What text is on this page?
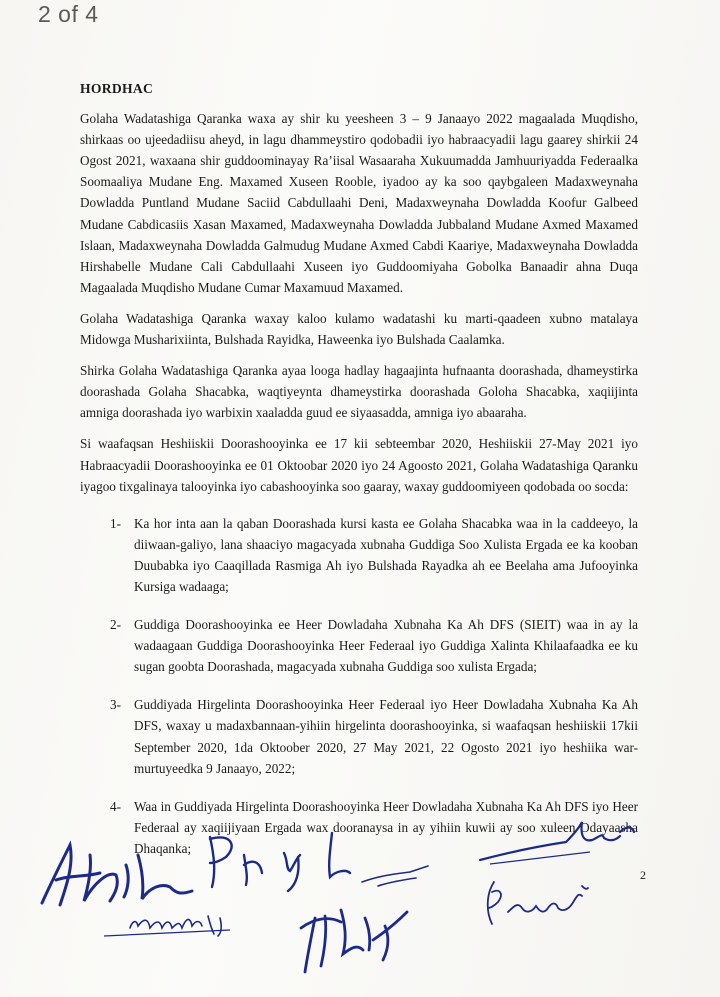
2 of 4
HORDHAC

Golaha Wadatashiga Qaranka waxa ay shir ku yeesheen 3 – 9 Janaayo 2022 magaalada Muqdisho, shirkaas oo ujeedadiisu aheyd, in lagu dhammeystiro qodobadii iyo habraacyadii lagu gaarey shirkii 24 Ogost 2021, waxaana shir guddoominayay Ra’iisal Wasaaraha Xukuumadda Jamhuuriyadda Federaalka Soomaaliya Mudane Eng. Maxamed Xuseen Rooble, iyadoo ay ka soo qaybgaleen Madaxweynaha Dowladda Puntland Mudane Saciid Cabdullaahi Deni, Madaxweynaha Dowladda Koofur Galbeed Mudane Cabdicasiis Xasan Maxamed, Madaxweynaha Dowladda Jubbaland Mudane Axmed Maxamed Islaan, Madaxweynaha Dowladda Galmudug Mudane Axmed Cabdi Kaariye, Madaxweynaha Dowladda Hirshabelle Mudane Cali Cabdullaahi Xuseen iyo Guddoomiyaha Gobolka Banaadir ahna Duqa Magaalada Muqdisho Mudane Cumar Maxamuud Maxamed.

Golaha Wadatashiga Qaranka waxay kaloo kulamo wadatashi ku marti-qaadeen xubno matalaya Midowga Musharixiinta, Bulshada Rayidka, Haweenka iyo Bulshada Caalamka.

Shirka Golaha Wadatashiga Qaranka ayaa looga hadlay hagaajinta hufnaanta doorashada, dhameystirka doorashada Golaha Shacabka, waqtiyeynta dhameystirka doorashada Goloha Shacabka, xaqiijinta amniga doorashada iyo warbixin xaaladda guud ee siyaasadda, amniga iyo abaaraha.

Si waafaqsan Heshiiskii Doorashooyinka ee 17 kii sebteembar 2020, Heshiiskii 27-May 2021 iyo Habraacyadii Doorashooyinka ee 01 Oktoobar 2020 iyo 24 Agoosto 2021, Golaha Wadatashiga Qaranku iyagoo tixgalinaya talooyinka iyo cabashooyinka soo gaaray, waxay guddoomiyeen qodobada oo socda:

1- Ka hor inta aan la qaban Doorashada kursi kasta ee Golaha Shacabka waa in la caddeeyo, la diiwaan-galiyo, lana shaaciyo magacyada xubnaha Guddiga Soo Xulista Ergada ee ka kooban Duubabka iyo Caaqillada Rasmiga Ah iyo Bulshada Rayadka ah ee Beelaha ama Jufooyinka Kursiga wadaaga;
2- Guddiga Doorashooyinka ee Heer Dowladaha Xubnaha Ka Ah DFS (SIEIT) waa in ay la wadaagaan Guddiga Doorashooyinka Heer Federaal iyo Guddiga Xalinta Khilaafaadka ee ku sugan goobta Doorashada, magacyada xubnaha Guddiga soo xulista Ergada;
3- Guddiyada Hirgelinta Doorashooyinka Heer Federaal iyo Heer Dowladaha Xubnaha Ka Ah DFS, waxay u madaxbannaan-yihiin hirgelinta doorashooyinka, si waafaqsan heshiiskii 17kii September 2020, 1da Oktoober 2020, 27 May 2021, 22 Ogosto 2021 iyo heshiika war-murtuyeedka 9 Janaayo, 2022;
4- Waa in Guddiyada Hirgelinta Doorashooyinka Heer Dowladaha Xubnaha Ka Ah DFS iyo Heer Federaal ay xaqiijiyaan Ergada wax dooranaysa in ay yihiin kuwii ay soo xuleen Odayaasha Dhaqanka;
2
